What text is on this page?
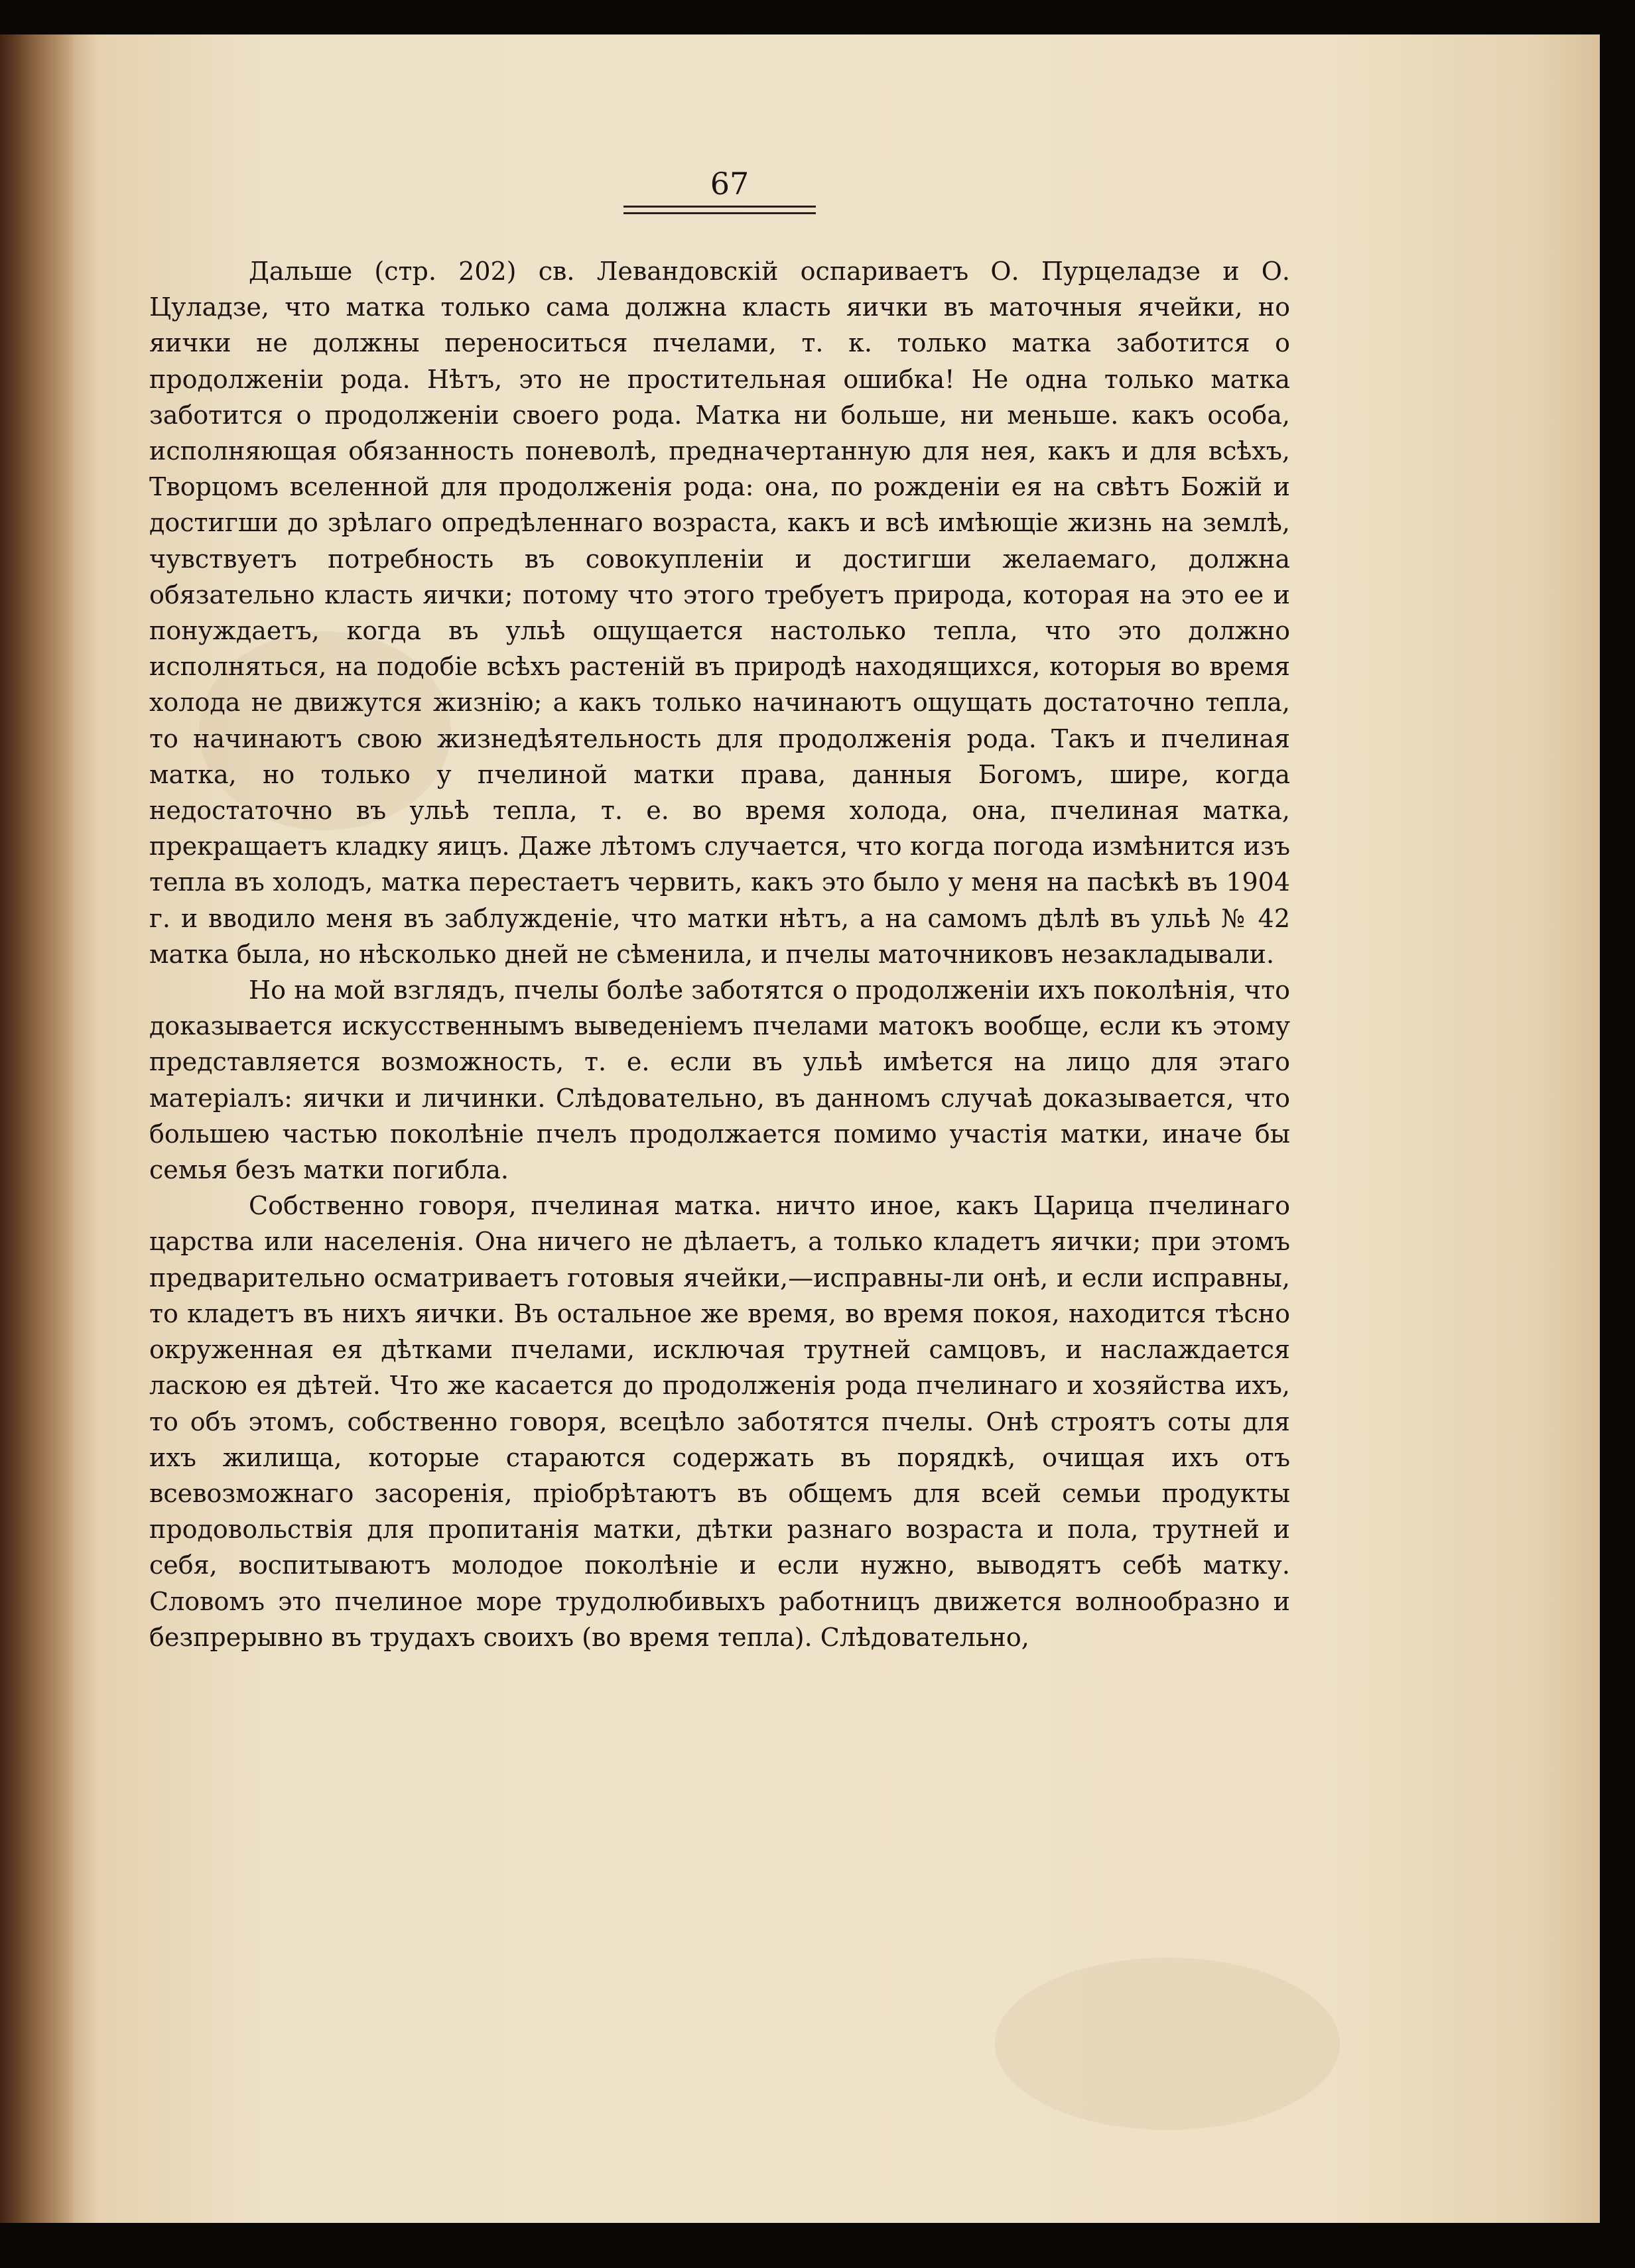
67

Дальше (стр. 202) св. Левандовскій оспариваетъ О. Пурцеладзе и О. Цуладзе, что матка только сама должна класть яички въ маточныя ячейки, но яички не должны переноситься пчелами, т. к. только матка заботится о продолженіи рода. Нѣтъ, это не простительная ошибка! Не одна только матка заботится о продолженіи своего рода. Матка ни больше, ни меньше. какъ особа, исполняющая обязанность поневолѣ, предначертанную для нея, какъ и для всѣхъ, Творцомъ вселенной для продолженія рода: она, по рожденіи ея на свѣтъ Божій и достигши до зрѣлаго опредѣленнаго возраста, какъ и всѣ имѣющіе жизнь на землѣ, чувствуетъ потребность въ совокупленіи и достигши желаемаго, должна обязательно класть яички; потому что этого требуетъ природа, которая на это ее и понуждаетъ, когда въ ульѣ ощущается настолько тепла, что это должно исполняться, на подобіе всѣхъ растеній въ природѣ находящихся, которыя во время холода не движутся жизнію; а какъ только начинаютъ ощущать достаточно тепла, то начинаютъ свою жизнедѣятельность для продолженія рода. Такъ и пчелиная матка, но только у пчелиной матки права, данныя Богомъ, шире, когда недостаточно въ ульѣ тепла, т. е. во время холода, она, пчелиная матка, прекращаетъ кладку яицъ. Даже лѣтомъ случается, что когда погода измѣнится изъ тепла въ холодъ, матка перестаетъ червить, какъ это было у меня на пасѣкѣ въ 1904 г. и вводило меня въ заблужденіе, что матки нѣтъ, а на самомъ дѣлѣ въ ульѣ № 42 матка была, но нѣсколько дней не сѣменила, и пчелы маточниковъ незакладывали.

Но на мой взглядъ, пчелы болѣе заботятся о продолженіи ихъ поколѣнія, что доказывается искусственнымъ выведеніемъ пчелами матокъ вообще, если къ этому представляется возможность, т. е. если въ ульѣ имѣется на лицо для этаго матеріалъ: яички и личинки. Слѣдовательно, въ данномъ случаѣ доказывается, что большею частью поколѣніе пчелъ продолжается помимо участія матки, иначе бы семья безъ матки погибла.

Собственно говоря, пчелиная матка. ничто иное, какъ Царица пчелинаго царства или населенія. Она ничего не дѣлаетъ, а только кладетъ яички; при этомъ предварительно осматриваетъ готовыя ячейки,—исправны-ли онѣ, и если исправны, то кладетъ въ нихъ яички. Въ остальное же время, во время покоя, находится тѣсно окруженная ея дѣтками пчелами, исключая трутней самцовъ, и наслаждается ласкою ея дѣтей. Что же касается до продолженія рода пчелинаго и хозяйства ихъ, то объ этомъ, собственно говоря, всецѣло заботятся пчелы. Онѣ строятъ соты для ихъ жилища, которые стараются содержать въ порядкѣ, очищая ихъ отъ всевозможнаго засоренія, пріобрѣтаютъ въ общемъ для всей семьи продукты продовольствія для пропитанія матки, дѣтки разнаго возраста и пола, трутней и себя, воспитываютъ молодое поколѣніе и если нужно, выводятъ себѣ матку. Словомъ это пчелиное море трудолюбивыхъ работницъ движется волнообразно и безпрерывно въ трудахъ своихъ (во время тепла). Слѣдовательно,
